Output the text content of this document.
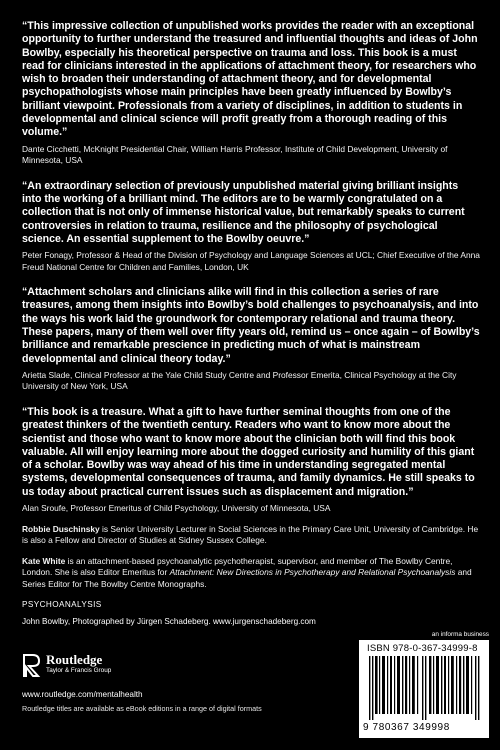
“This impressive collection of unpublished works provides the reader with an exceptional opportunity to further understand the treasured and influential thoughts and ideas of John Bowlby, especially his theoretical perspective on trauma and loss. This book is a must read for clinicians interested in the applications of attachment theory, for researchers who wish to broaden their understanding of attachment theory, and for developmental psychopathologists whose main principles have been greatly influenced by Bowlby’s brilliant viewpoint. Professionals from a variety of disciplines, in addition to students in developmental and clinical science will profit greatly from a thorough reading of this volume.”

Dante Cicchetti, McKnight Presidential Chair, William Harris Professor, Institute of Child Development, University of Minnesota, USA

“An extraordinary selection of previously unpublished material giving brilliant insights into the working of a brilliant mind. The editors are to be warmly congratulated on a collection that is not only of immense historical value, but remarkably speaks to current controversies in relation to trauma, resilience and the philosophy of psychological science. An essential supplement to the Bowlby oeuvre.”

Peter Fonagy, Professor & Head of the Division of Psychology and Language Sciences at UCL; Chief Executive of the Anna Freud National Centre for Children and Families, London, UK

“Attachment scholars and clinicians alike will find in this collection a series of rare treasures, among them insights into Bowlby’s bold challenges to psychoanalysis, and into the ways his work laid the groundwork for contemporary relational and trauma theory. These papers, many of them well over fifty years old, remind us – once again – of Bowlby’s brilliance and remarkable prescience in predicting much of what is mainstream developmental and clinical theory today.”

Arietta Slade, Clinical Professor at the Yale Child Study Centre and Professor Emerita, Clinical Psychology at the City University of New York, USA

“This book is a treasure. What a gift to have further seminal thoughts from one of the greatest thinkers of the twentieth century. Readers who want to know more about the scientist and those who want to know more about the clinician both will find this book valuable. All will enjoy learning more about the dogged curiosity and humility of this giant of a scholar. Bowlby was way ahead of his time in understanding segregated mental systems, developmental consequences of trauma, and family dynamics. He still speaks to us today about practical current issues such as displacement and migration.”

Alan Sroufe, Professor Emeritus of Child Psychology, University of Minnesota, USA

Robbie Duschinsky is Senior University Lecturer in Social Sciences in the Primary Care Unit, University of Cambridge. He is also a Fellow and Director of Studies at Sidney Sussex College.

Kate White is an attachment-based psychoanalytic psychotherapist, supervisor, and member of The Bowlby Centre, London. She is also Editor Emeritus for Attachment: New Directions in Psychotherapy and Relational Psychoanalysis and Series Editor for The Bowlby Centre Monographs.

PSYCHOANALYSIS

John Bowlby, Photographed by Jürgen Schadeberg. www.jurgenschadeberg.com

Routledge
Taylor & Francis Group
www.routledge.com/mentalhealth
Routledge titles are available as eBook editions in a range of digital formats
an informa business
ISBN 978-0-367-34999-8
9 780367 349998
